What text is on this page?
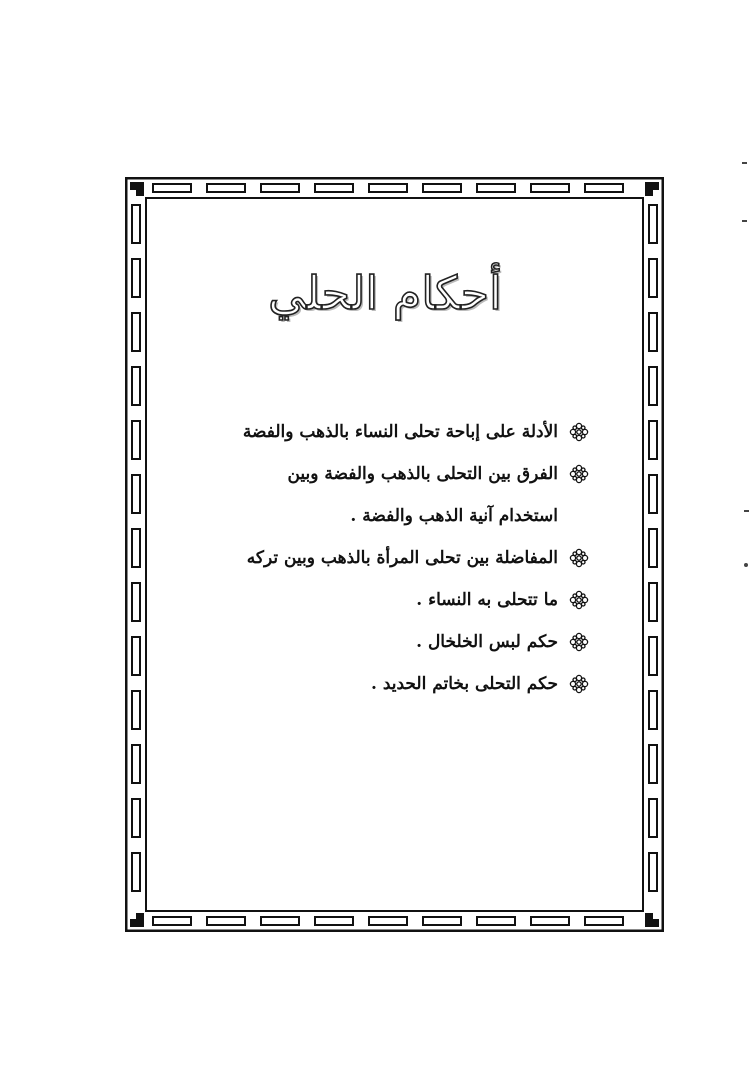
أحكام الحلي
الأدلة على إباحة تحلى النساء بالذهب والفضة
الفرق بين التحلى بالذهب والفضة وبين
استخدام آنية الذهب والفضة .
المفاضلة بين تحلى المرأة بالذهب وبين تركه
ما تتحلى به النساء .
حكم لبس الخلخال .
حكم التحلى بخاتم الحديد .
